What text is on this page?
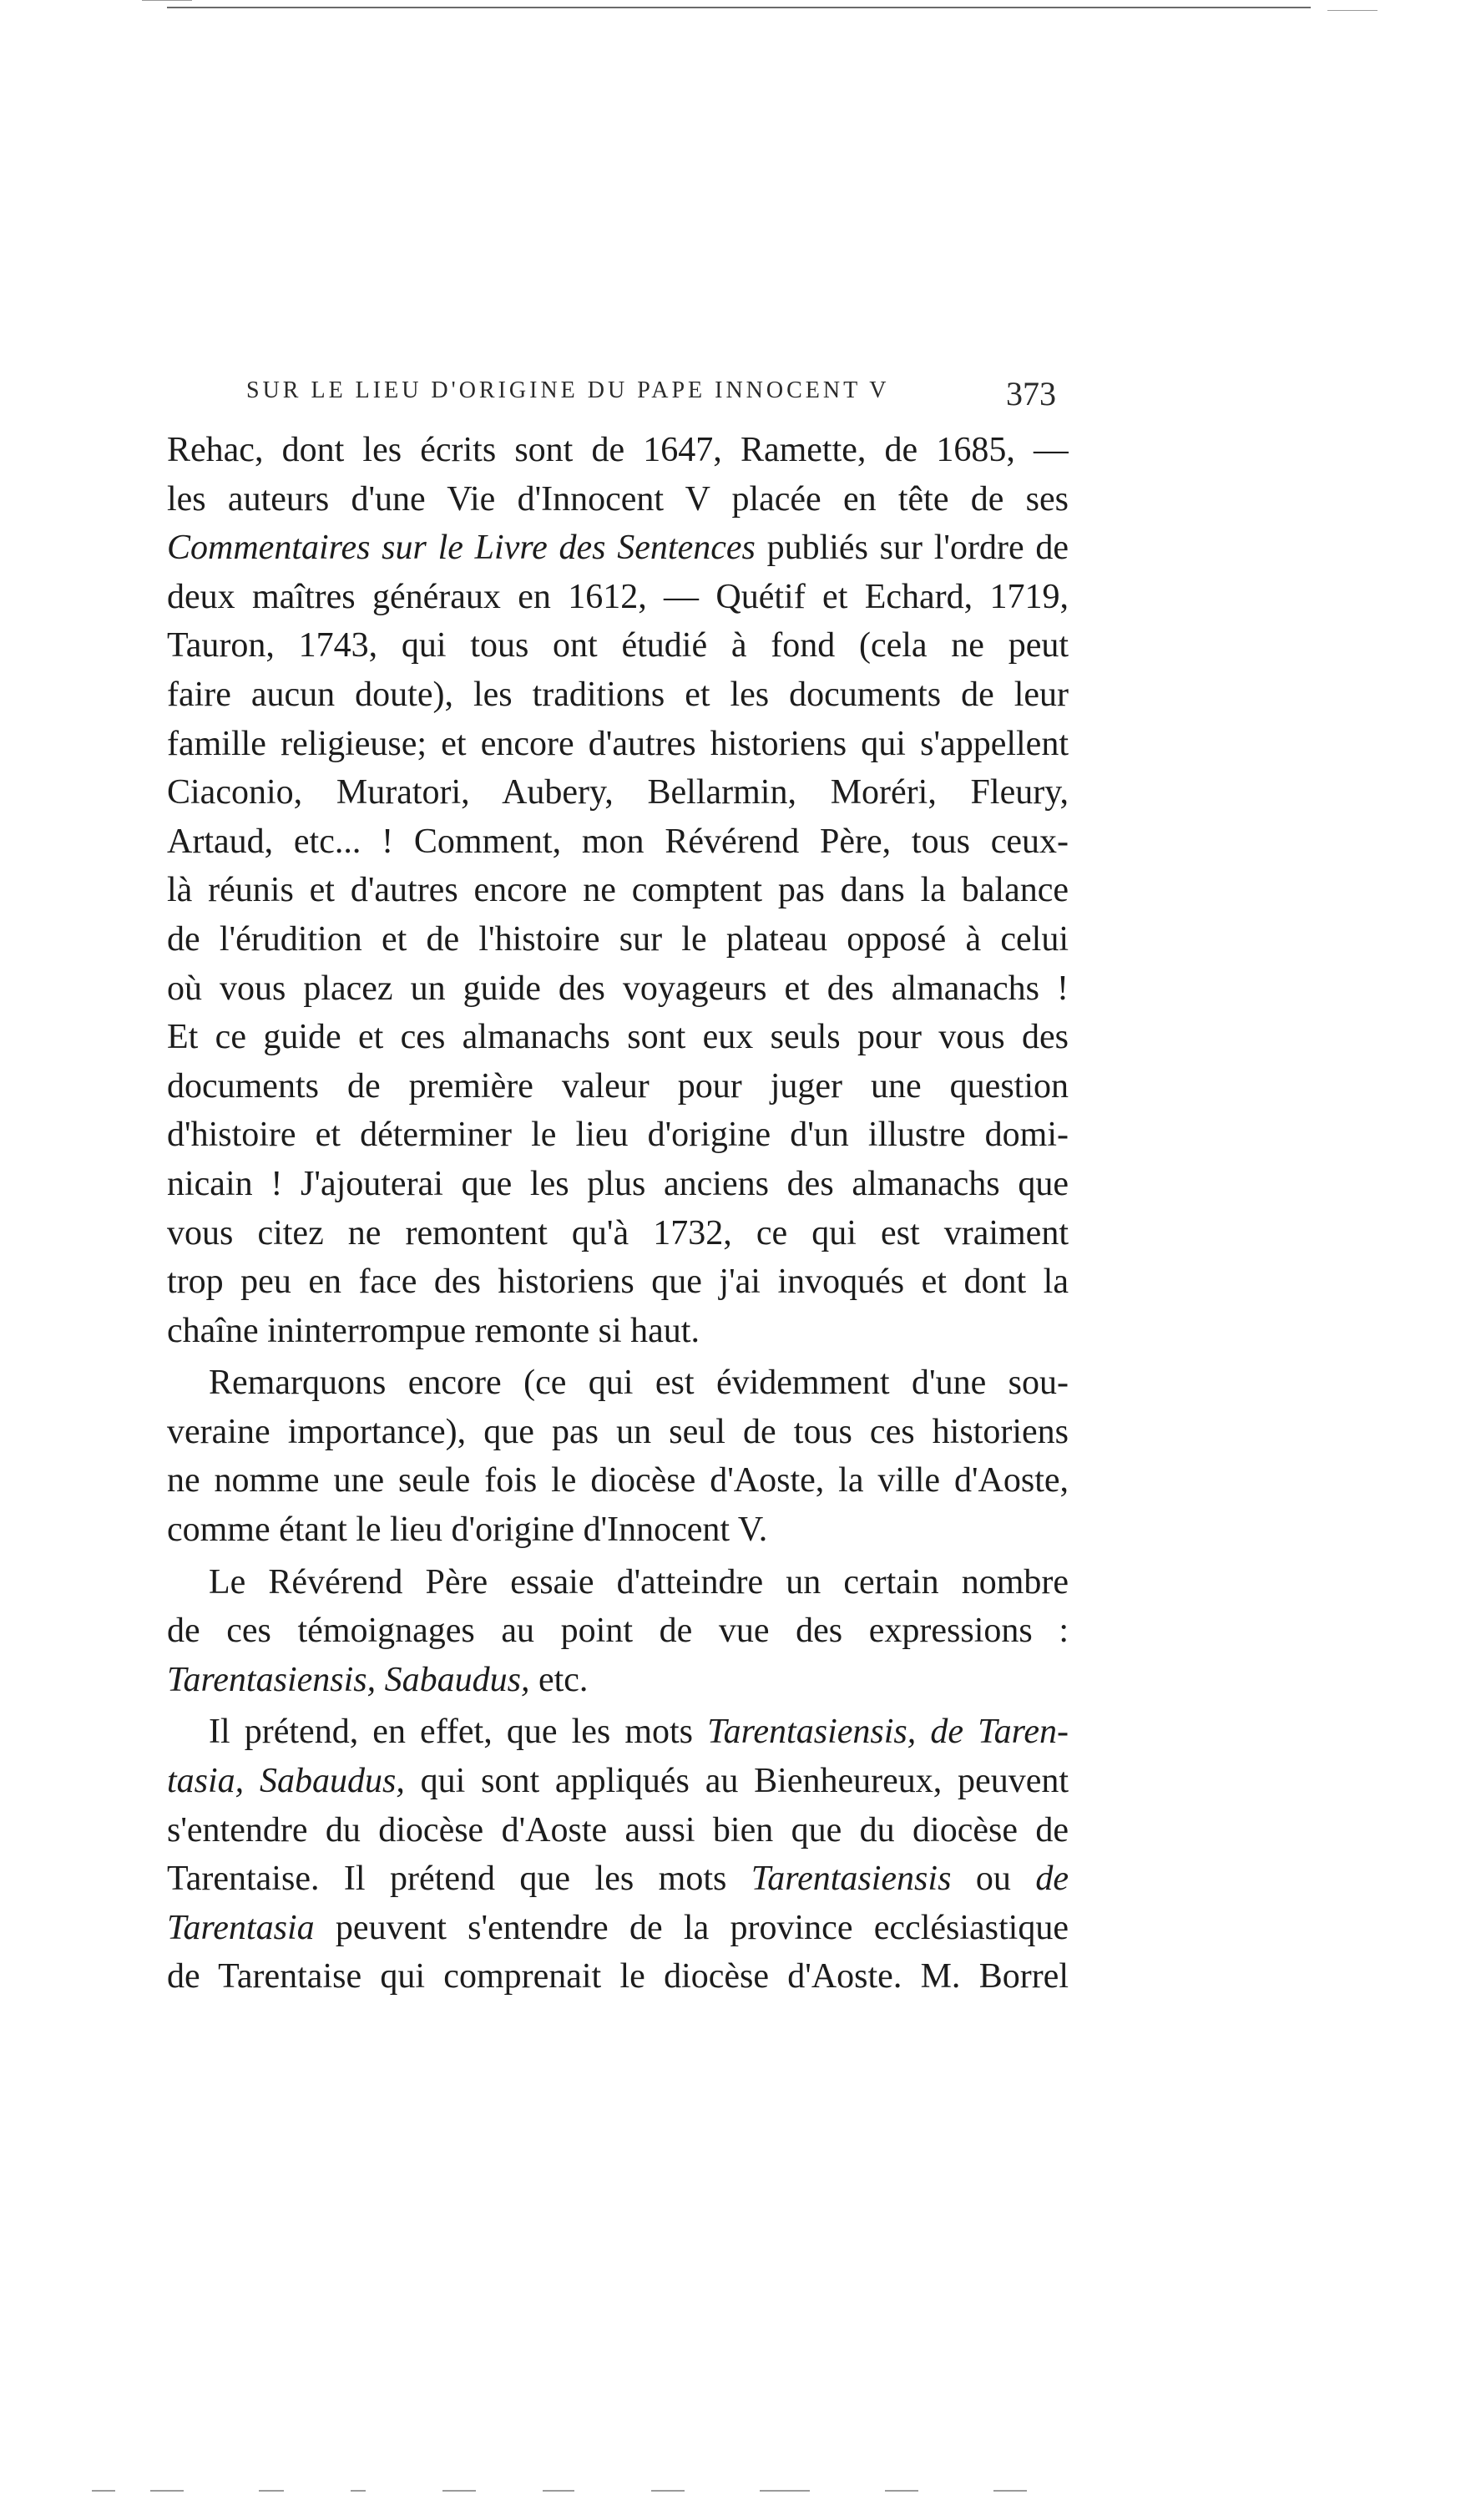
SUR LE LIEU D'ORIGINE DU PAPE INNOCENT V	373
Rehac, dont les écrits sont de 1647, Ramette, de 1685, —
les auteurs d'une Vie d'Innocent V placée en tête de ses
Commentaires sur le Livre des Sentences publiés sur l'ordre de
deux maîtres généraux en 1612, — Quétif et Echard, 1719,
Tauron, 1743, qui tous ont étudié à fond (cela ne peut
faire aucun doute), les traditions et les documents de leur
famille religieuse; et encore d'autres historiens qui s'appellent
Ciaconio, Muratori, Aubery, Bellarmin, Moréri, Fleury,
Artaud, etc... ! Comment, mon Révérend Père, tous ceux-
là réunis et d'autres encore ne comptent pas dans la balance
de l'érudition et de l'histoire sur le plateau opposé à celui
où vous placez un guide des voyageurs et des almanachs !
Et ce guide et ces almanachs sont eux seuls pour vous des
documents de première valeur pour juger une question
d'histoire et déterminer le lieu d'origine d'un illustre domi-
nicain ! J'ajouterai que les plus anciens des almanachs que
vous citez ne remontent qu'à 1732, ce qui est vraiment
trop peu en face des historiens que j'ai invoqués et dont la
chaîne ininterrompue remonte si haut.
Remarquons encore (ce qui est évidemment d'une sou-
veraine importance), que pas un seul de tous ces historiens
ne nomme une seule fois le diocèse d'Aoste, la ville d'Aoste,
comme étant le lieu d'origine d'Innocent V.
Le Révérend Père essaie d'atteindre un certain nombre
de ces témoignages au point de vue des expressions :
Tarentasiensis, Sabaudus, etc.
Il prétend, en effet, que les mots Tarentasiensis, de Taren-
tasia, Sabaudus, qui sont appliqués au Bienheureux, peuvent
s'entendre du diocèse d'Aoste aussi bien que du diocèse de
Tarentaise. Il prétend que les mots Tarentasiensis ou de
Tarentasia peuvent s'entendre de la province ecclésiastique
de Tarentaise qui comprenait le diocèse d'Aoste. M. Borrel
